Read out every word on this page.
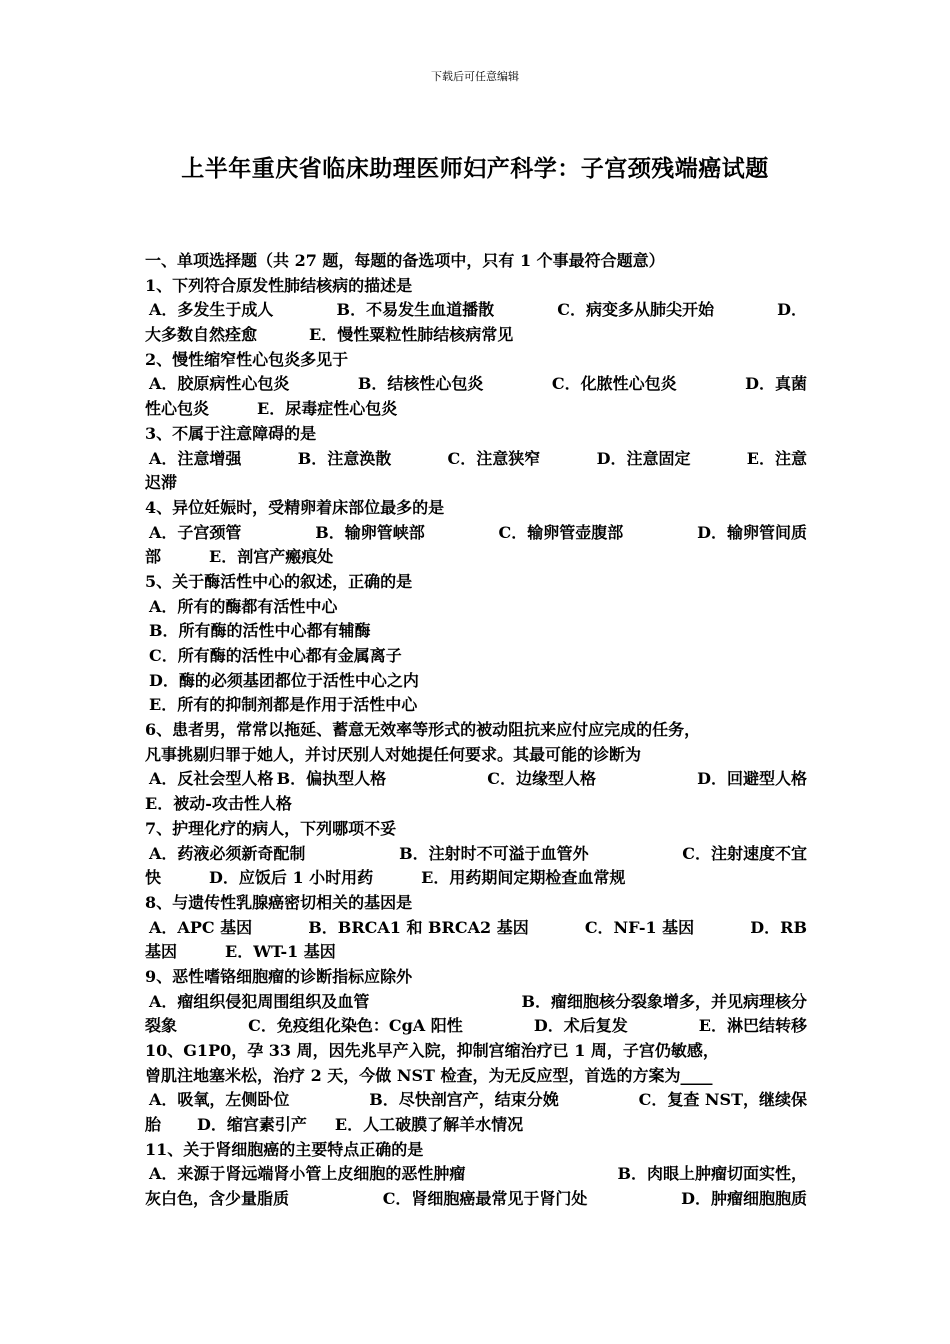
下载后可任意编辑
上半年重庆省临床助理医师妇产科学：子宫颈残端癌试题
一、单项选择题（共 27 题，每题的备选项中，只有 1 个事最符合题意）
1、下列符合原发性肺结核病的描述是
A．多发生于成人	B．不易发生血道播散	C．病变多从肺尖开始	D．
大多数自然痊愈	E．慢性粟粒性肺结核病常见
2、慢性缩窄性心包炎多见于
A．胶原病性心包炎	B．结核性心包炎	C．化脓性心包炎	D．真菌
性心包炎	E．尿毒症性心包炎
3、不属于注意障碍的是
A．注意增强	B．注意涣散	C．注意狭窄	D．注意固定	E．注意
迟滞
4、异位妊娠时，受精卵着床部位最多的是
A．子宫颈管	B．输卵管峡部	C．输卵管壶腹部	D．输卵管间质
部	E．剖宫产瘢痕处
5、关于酶活性中心的叙述，正确的是
A．所有的酶都有活性中心
B．所有酶的活性中心都有辅酶
C．所有酶的活性中心都有金属离子
D．酶的必须基团都位于活性中心之内
E．所有的抑制剂都是作用于活性中心
6、患者男，常常以拖延、蓄意无效率等形式的被动阻抗来应付应完成的任务，
凡事挑剔归罪于她人，并讨厌别人对她提任何要求。其最可能的诊断为
A．反社会型人格  B．偏执型人格	C．边缘型人格	D．回避型人格
E．被动-攻击性人格
7、护理化疗的病人，下列哪项不妥
A．药液必须新奇配制	B．注射时不可溢于血管外	C．注射速度不宜
快	D．应饭后 1 小时用药	E．用药期间定期检查血常规
8、与遗传性乳腺癌密切相关的基因是
A．APC 基因	B．BRCA1 和 BRCA2 基因	C．NF-1 基因	D．RB
基因	E．WT-1 基因
9、恶性嗜铬细胞瘤的诊断指标应除外
A．瘤组织侵犯周围组织及血管	B．瘤细胞核分裂象增多，并见病理核分
裂象	C．免疫组化染色：CgA 阳性	D．术后复发	E．淋巴结转移
10、G1P0，孕 33 周，因先兆早产入院，抑制宫缩治疗已 1 周，子宫仍敏感，
曾肌注地塞米松，治疗 2 天，今做 NST 检查，为无反应型，首选的方案为____
A．吸氧，左侧卧位	B．尽快剖宫产，结束分娩	C．复查 NST，继续保
胎 D．缩宫素引产 E．人工破膜了解羊水情况
11、关于肾细胞癌的主要特点正确的是
A．来源于肾远端肾小管上皮细胞的恶性肿瘤	B．肉眼上肿瘤切面实性，
灰白色，含少量脂质	C．肾细胞癌最常见于肾门处	D．肿瘤细胞胞质
